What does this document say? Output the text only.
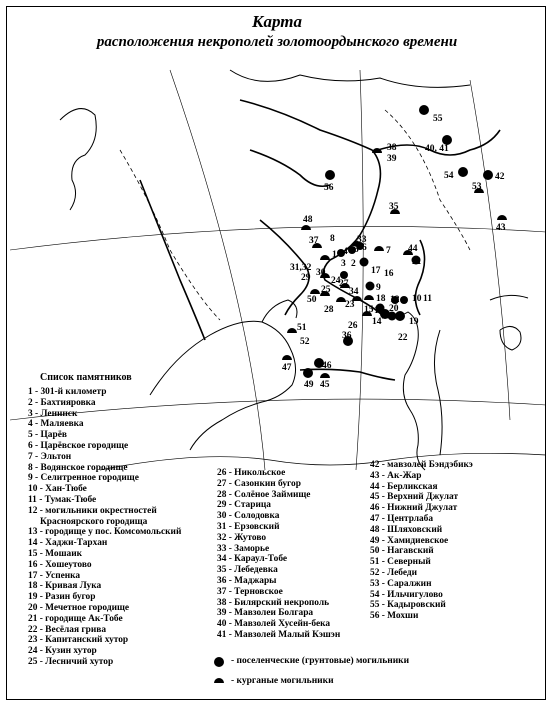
Карта
расположения некрополей золотоордынского времени
55
40, 41
38
39
56
54	42
53
48
35
43
37	33
8
44
7
1 4 5 6
3 2
31,32
29 30	17 16
24
27	9
21
25
50
28 23 15
18	10 11
12
13
19
14
20
26
22
51
52
36
47	46
49 45
34
Список памятников
1 - 301-й километр
2 - Бахтияровка
3 - Ленинск
4 - Маляевка
5 - Царёв
6 - Царёвское городище
7 - Эльтон
8 - Водянское городище
9 - Селитренное городище
10 - Хан-Тюбе
11 - Тумак-Тюбе
12 - могильники окрестностей
Красноярского городища
13 - городище у пос. Комсомольский
14 - Хаджи-Тархан
15 - Мошаик
16 - Хошеутово
17 - Успенка
18 - Кривая Лука
19 - Разин бугор
20 - Мечетное городище
21 - городище Ак-Тобе
22 - Весёлая грива
23 - Капитанский хутор
24 - Кузин хутор
25 - Лесничий хутор
26 - Никольское
27 - Сазонкин бугор
28 - Солёное Займище
29 - Старица
30 - Солодовка
31 - Ерзовский
32 - Жутово
33 - Заморье
34 - Караул-Тобе
35 - Лебедевка
36 - Маджары
37 - Терновское
38 - Билярский некрополь
39 - Мавзолеи Болгара
40 - Мавзолей Хусейн-бека
41 - Мавзолей Малый Кэшэн
42 - мавзолей Бэндэбикэ
43 - Ак-Жар
44 - Берликская
45 - Верхний Джулат
46 - Нижний Джулат
47 - Центрлаба
48 - Шляховский
49 - Хамидиевское
50 - Нагавский
51 - Северный
52 - Лебеди
53 - Саралжин
54 - Ильчигулово
55 - Кадыровский
56 - Мохши
- поселенческие (грунтовые) могильники
- курганые могильники
